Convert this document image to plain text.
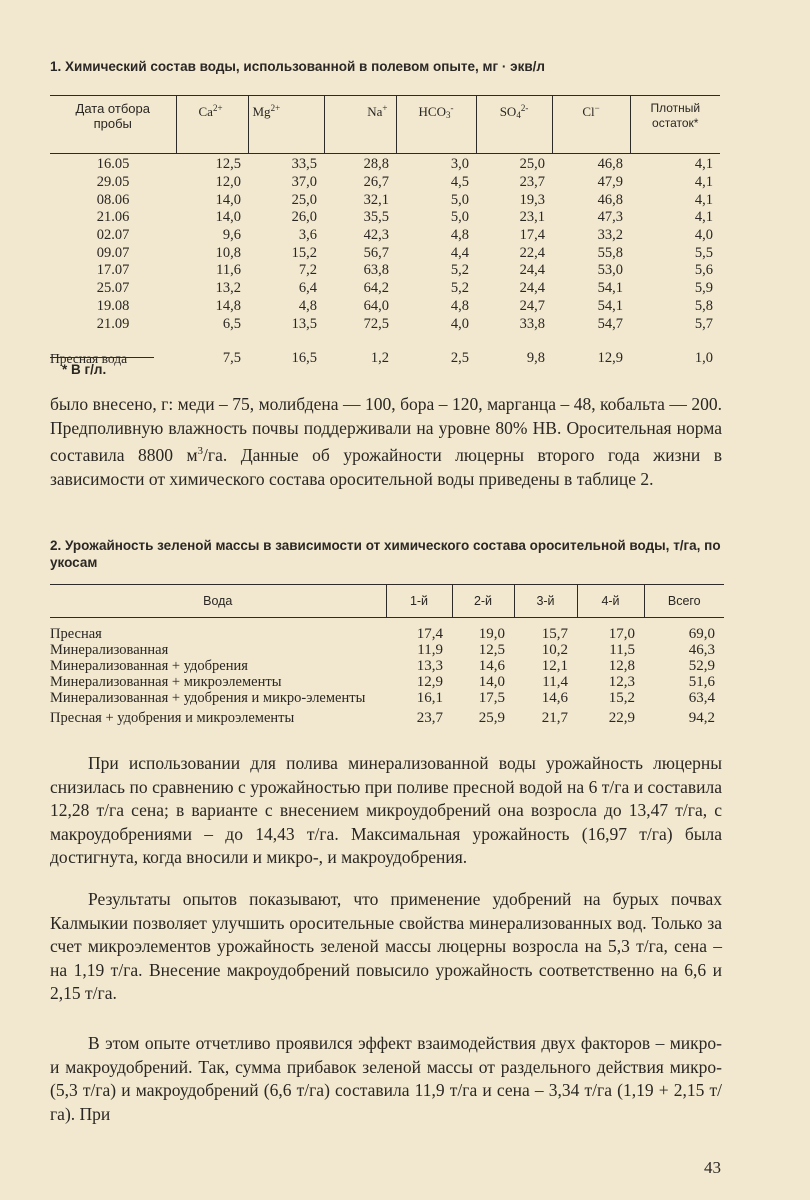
1. Химический состав воды, использованной в полевом опыте, мг · экв/л
Дата отбора
пробы	$Ca^{2+}$	$Mg^{2+}$	Na+	$HCO_3^-$	$SO_4^{2-}$	Cl−	Плотный
остаток*
16.05	12,5	33,5	28,8	3,0	25,0	46,8	4,1
29.05	12,0	37,0	26,7	4,5	23,7	47,9	4,1
08.06	14,0	25,0	32,1	5,0	19,3	46,8	4,1
21.06	14,0	26,0	35,5	5,0	23,1	47,3	4,1
02.07	9,6	3,6	42,3	4,8	17,4	33,2	4,0
09.07	10,8	15,2	56,7	4,4	22,4	55,8	5,5
17.07	11,6	7,2	63,8	5,2	24,4	53,0	5,6
25.07	13,2	6,4	64,2	5,2	24,4	54,1	5,9
19.08	14,8	4,8	64,0	4,8	24,7	54,1	5,8
21.09	6,5	13,5	72,5	4,0	33,8	54,7	5,7
Пресная вода	7,5	16,5	1,2	2,5	9,8	12,9	1,0
* В г/л.
было внесено, г: меди – 75, молибдена — 100, бора – 120, марганца – 48, кобальта — 200. Предполивную влажность почвы поддерживали на уровне 80% НВ. Оросительная норма составила 8800 $м^3/га$. Данные об урожайности люцерны второго года жизни в зависимости от химического состава оросительной воды приведены в таблице 2.
2. Урожайность зеленой массы в зависимости от химического состава оросительной воды, т/га, по укосам
Вода	1-й	2-й	3-й	4-й	Всего
Пресная	17,4	19,0	15,7	17,0	69,0
Минерализованная	11,9	12,5	10,2	11,5	46,3
Минерализованная + удобрения	13,3	14,6	12,1	12,8	52,9
Минерализованная + микроэлементы	12,9	14,0	11,4	12,3	51,6
Минерализованная + удобрения и микро-элементы	16,1	17,5	14,6	15,2	63,4
Пресная + удобрения и микроэлементы	23,7	25,9	21,7	22,9	94,2
При использовании для полива минерализованной воды урожайность люцерны снизилась по сравнению с урожайностью при поливе пресной водой на 6 т/га и составила 12,28 т/га сена; в варианте с внесением микроудобрений она возросла до 13,47 т/га, с макроудобрениями – до 14,43 т/га. Максимальная урожайность (16,97 т/га) была достигнута, когда вносили и микро-, и макроудобрения.
Результаты опытов показывают, что применение удобрений на бурых почвах Калмыкии позволяет улучшить оросительные свойства минерализованных вод. Только за счет микроэлементов урожайность зеленой массы люцерны возросла на 5,3 т/га, сена – на 1,19 т/га. Внесение макроудобрений повысило урожайность соответственно на 6,6 и 2,15 т/га.
В этом опыте отчетливо проявился эффект взаимодействия двух факторов – микро- и макроудобрений. Так, сумма прибавок зеленой массы от раздельного действия микро- (5,3 т/га) и макроудобрений (6,6 т/га) составила 11,9 т/га и сена – 3,34 т/га (1,19 + 2,15 т/га). При
43
